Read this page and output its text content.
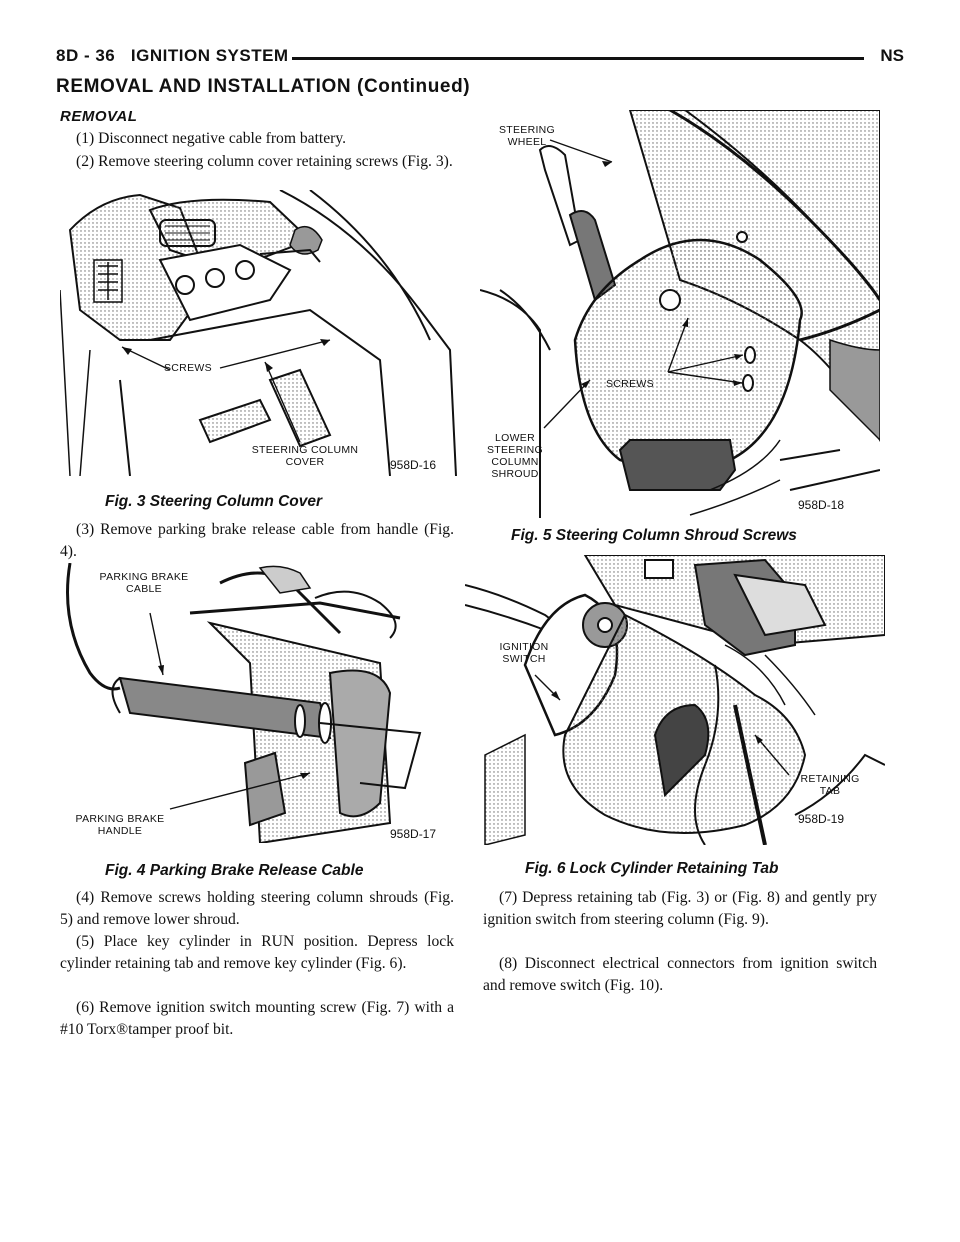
8D - 36   IGNITION SYSTEM	NS
REMOVAL AND INSTALLATION (Continued)
REMOVAL

(1) Disconnect negative cable from battery.

(2) Remove steering column cover retaining screws (Fig. 3).

SCREWS
STEERING COLUMN COVER	958D-16
Fig. 3 Steering Column Cover

(3) Remove parking brake release cable from handle (Fig. 4).

PARKING BRAKE CABLE
PARKING BRAKE HANDLE	958D-17
Fig. 4 Parking Brake Release Cable

(4) Remove screws holding steering column shrouds (Fig. 5) and remove lower shroud.

(5) Place key cylinder in RUN position. Depress lock cylinder retaining tab and remove key cylinder (Fig. 6).

(6) Remove ignition switch mounting screw (Fig. 7) with a #10 Torx®tamper proof bit.

STEERING WHEEL
SCREWS
LOWER STEERING COLUMN SHROUD
958D-18
Fig. 5 Steering Column Shroud Screws
IGNITION SWITCH
RETAINING TAB
958D-19
Fig. 6 Lock Cylinder Retaining Tab

(7) Depress retaining tab (Fig. 3) or (Fig. 8) and gently pry ignition switch from steering column (Fig. 9).

(8) Disconnect electrical connectors from ignition switch and remove switch (Fig. 10).
